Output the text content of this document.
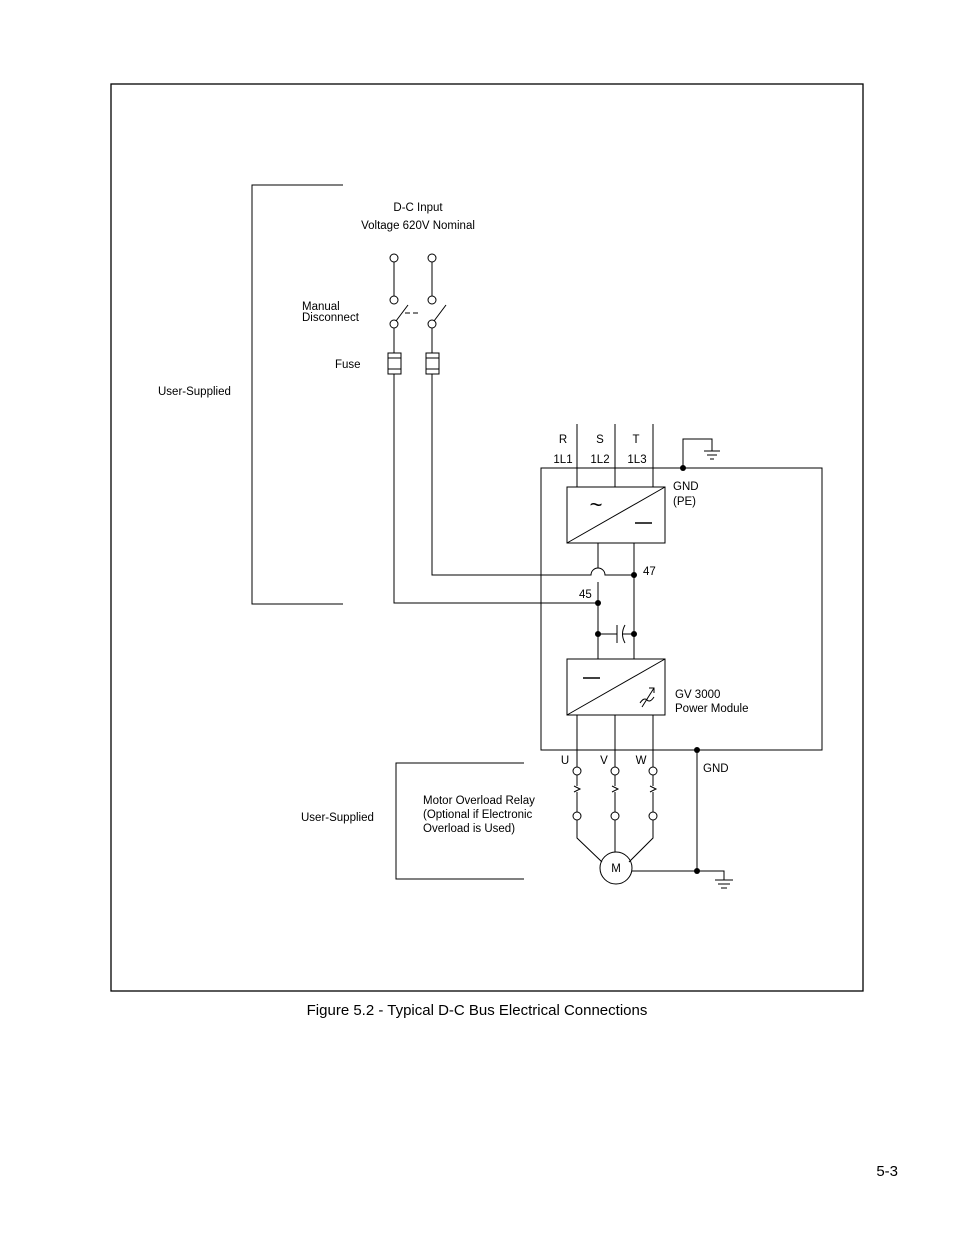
D-C Input
Voltage 620V Nominal
Manual
Disconnect
Fuse
User-Supplied
R	S T
1L1 1L2 1L3
GND
(PE)
~
47
45
GV 3000
Power Module
U	V W
GND
User-Supplied
Motor Overload Relay
(Optional if Electronic
Overload is Used)
M
Figure 5.2 - Typical D-C Bus Electrical Connections
5-3
